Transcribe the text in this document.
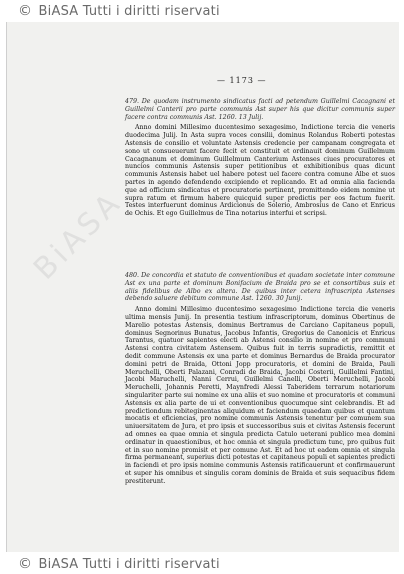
BiASA
— 1173 —
479. De quodam instrumento sindicatus facti ad petendum Guillelmi Cacagnani et Guillelmi Canterii pro parte communis Ast super his que dicitur communis super facere contra communis Ast. 1260. 13 Julij.
Anno domini Millesimo ducentesimo sexagesimo, Indictione tercia die veneris duodecima Julij. In Asta supra voces consilii, dominus Rolandus Roberti potestas Astensis de consilio et voluntate Astensis credencie per campanam congregata et sono ut consueuerunt facere fecit et constituit et ordinauit dominum Guillelmum Cacagnanum et dominum Guillelmum Canterium Astenses ciues procuratores et nuncios communis Astensis super petitionibus et exhibitionibus quas dicunt communis Astensis habet uel habere potest uel facere contra comune Albe et suos partes in agendo defendendo excipiendo et replicando. Et ad omnia alia facienda que ad officium sindicatus et procuratorie pertinent, promittendo eidem nomine ut supra ratum et firmum habere quicquid super predictis per eos factum fuerit. Testes interfuerunt dominus Ardicionus de Solerio, Ambrosius de Cano et Enricus de Ochis. Et ego Guillelmus de Tina notarius interfui et scripsi.
480. De concordia et statuto de conventionibus et quadam societate inter commune Ast ex una parte et dominum Bonifacium de Braida pro se et consortibus suis et aliis fidelibus de Albo ex altera. De quibus inter cetera infrascripta Astenses debendo saluere debitum commune Ast. 1260. 30 Junij.
Anno domini Millesimo ducentesimo sexagesimo Indictione tercia die veneris ultima mensis Junij. In presentia testium infrascriptorum, dominus Obertinus de Marelio potestas Astensis, dominus Bertramus de Carciano Capitaneus populi, dominus Segnorinus Bunatus, Jacobus Infantis, Gregorius de Canonicis et Enricus Tarantus, quatuor sapientes electi ab Astensi consilio in nomine et pro communi Astensi contra civitatem Astensem. Quibus fuit in terris supradictis, remittit et dedit commune Astensis ex una parte et dominus Bernardus de Braida procurator domini petri de Braida, Ottoni Jopp procuratoris, et domini de Braida, Pauli Meruchelli, Oberti Palazani, Conradi de Braida, Jacobi Costerii, Guillelmi Fantini, Jacobi Maruchelli, Nanni Cerrui, Guillelmi Canelli, Oberti Meruchelli, Jacobi Meruchelli, Johannis Peretti, Maynfredi Alessi Taberidem terrarum notariorum singulariter parte sui nomine ex una aliis et suo nomine et procuratoris et communi Astensis ex alia parte de ui et conventionibus quocumque sint celebrandis. Et ad predictiondum rebiteginentas aliquidum et faciendum quaedam quibus et quantum mocatis et eficiencias, pro nomine communis Astensis tenentur per comunem sua uniuersitatem de Jura, et pro ipsis et successoribus suis et civitas Astensis fecerunt ad omnes ea quae omnia et singula predicta Catulo ueterani publico mea domini ordinatur in quaestionibus, et hoc omnia et singula predictum tunc, pro quibus fuit et in suo nomine promisit et per comune Ast. Et ad hoc ut eadem omnia et singula firma permaneant, superius dicti potestas et capitaneus populi et sapientes predicti in faciendi et pro ipsis nomine communis Astensis ratificauerunt et confirmauerunt et super his omnibus et singulis coram dominis de Braida et suis sequacibus fidem prestiterunt.
© BiASA Tutti i diritti riservati
© BiASA Tutti i diritti riservati
